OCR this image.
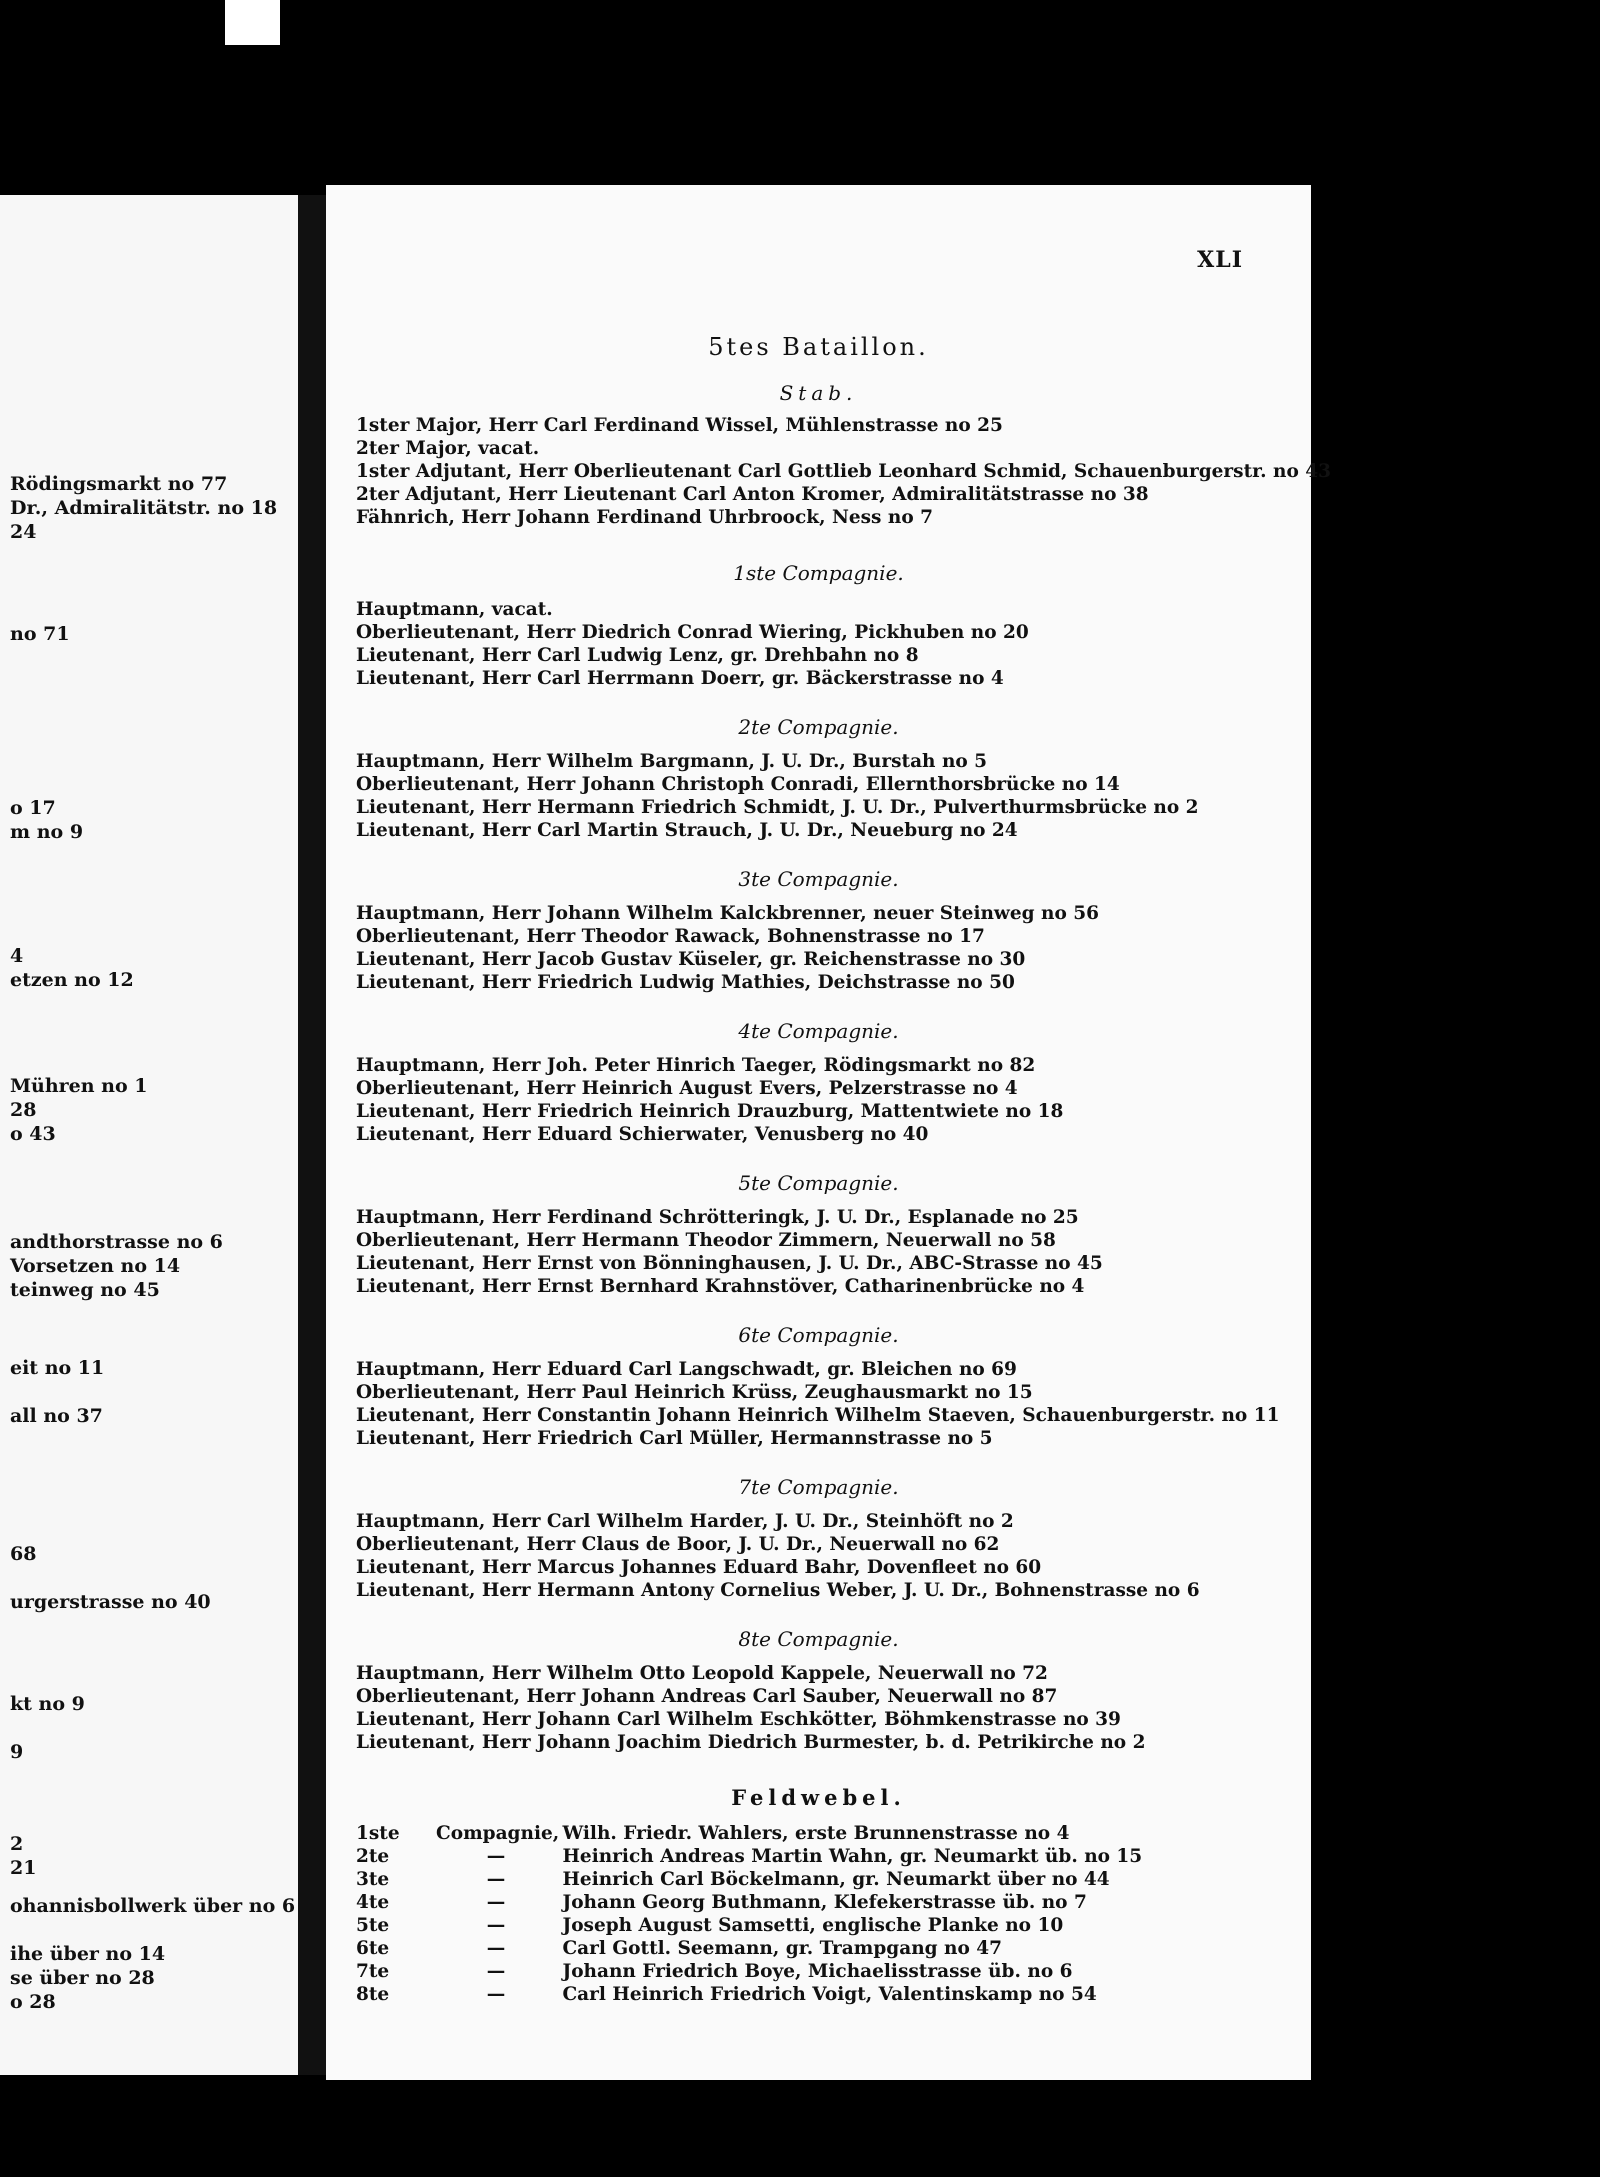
Rödingsmarkt no 77
Dr., Admiralitätstr. no 18
24
no 71
o 17
m no 9
4
etzen no 12
Mühren no 1
28
o 43
andthorstrasse no 6
Vorsetzen no 14
teinweg no 45
eit no 11
all no 37
68
urgerstrasse no 40
kt no 9
9
2
21
ohannisbollwerk über no 6
ihe über no 14
se über no 28
o 28
XLI
5tes Bataillon.
Stab.
1ster Major, Herr Carl Ferdinand Wissel, Mühlenstrasse no 25
2ter Major, vacat.
1ster Adjutant, Herr Oberlieutenant Carl Gottlieb Leonhard Schmid, Schauenburgerstr. no 43
2ter Adjutant, Herr Lieutenant Carl Anton Kromer, Admiralitätstrasse no 38
Fähnrich, Herr Johann Ferdinand Uhrbroock, Ness no 7
1ste Compagnie.
Hauptmann, vacat.
Oberlieutenant, Herr Diedrich Conrad Wiering, Pickhuben no 20
Lieutenant, Herr Carl Ludwig Lenz, gr. Drehbahn no 8
Lieutenant, Herr Carl Herrmann Doerr, gr. Bäckerstrasse no 4
2te Compagnie.
Hauptmann, Herr Wilhelm Bargmann, J. U. Dr., Burstah no 5
Oberlieutenant, Herr Johann Christoph Conradi, Ellernthorsbrücke no 14
Lieutenant, Herr Hermann Friedrich Schmidt, J. U. Dr., Pulverthurmsbrücke no 2
Lieutenant, Herr Carl Martin Strauch, J. U. Dr., Neueburg no 24
3te Compagnie.
Hauptmann, Herr Johann Wilhelm Kalckbrenner, neuer Steinweg no 56
Oberlieutenant, Herr Theodor Rawack, Bohnenstrasse no 17
Lieutenant, Herr Jacob Gustav Küseler, gr. Reichenstrasse no 30
Lieutenant, Herr Friedrich Ludwig Mathies, Deichstrasse no 50
4te Compagnie.
Hauptmann, Herr Joh. Peter Hinrich Taeger, Rödingsmarkt no 82
Oberlieutenant, Herr Heinrich August Evers, Pelzerstrasse no 4
Lieutenant, Herr Friedrich Heinrich Drauzburg, Mattentwiete no 18
Lieutenant, Herr Eduard Schierwater, Venusberg no 40
5te Compagnie.
Hauptmann, Herr Ferdinand Schrötteringk, J. U. Dr., Esplanade no 25
Oberlieutenant, Herr Hermann Theodor Zimmern, Neuerwall no 58
Lieutenant, Herr Ernst von Bönninghausen, J. U. Dr., ABC-Strasse no 45
Lieutenant, Herr Ernst Bernhard Krahnstöver, Catharinenbrücke no 4
6te Compagnie.
Hauptmann, Herr Eduard Carl Langschwadt, gr. Bleichen no 69
Oberlieutenant, Herr Paul Heinrich Krüss, Zeughausmarkt no 15
Lieutenant, Herr Constantin Johann Heinrich Wilhelm Staeven, Schauenburgerstr. no 11
Lieutenant, Herr Friedrich Carl Müller, Hermannstrasse no 5
7te Compagnie.
Hauptmann, Herr Carl Wilhelm Harder, J. U. Dr., Steinhöft no 2
Oberlieutenant, Herr Claus de Boor, J. U. Dr., Neuerwall no 62
Lieutenant, Herr Marcus Johannes Eduard Bahr, Dovenfleet no 60
Lieutenant, Herr Hermann Antony Cornelius Weber, J. U. Dr., Bohnenstrasse no 6
8te Compagnie.
Hauptmann, Herr Wilhelm Otto Leopold Kappele, Neuerwall no 72
Oberlieutenant, Herr Johann Andreas Carl Sauber, Neuerwall no 87
Lieutenant, Herr Johann Carl Wilhelm Eschkötter, Böhmkenstrasse no 39
Lieutenant, Herr Johann Joachim Diedrich Burmester, b. d. Petrikirche no 2
Feldwebel.
1ste Compagnie, Wilh. Friedr. Wahlers, erste Brunnenstrasse no 4
2te	—	Heinrich Andreas Martin Wahn, gr. Neumarkt üb. no 15
3te	—	Heinrich Carl Böckelmann, gr. Neumarkt über no 44
4te	—	Johann Georg Buthmann, Klefekerstrasse üb. no 7
5te	—	Joseph August Samsetti, englische Planke no 10
6te	—	Carl Gottl. Seemann, gr. Trampgang no 47
7te	—	Johann Friedrich Boye, Michaelisstrasse üb. no 6
8te	—	Carl Heinrich Friedrich Voigt, Valentinskamp no 54
